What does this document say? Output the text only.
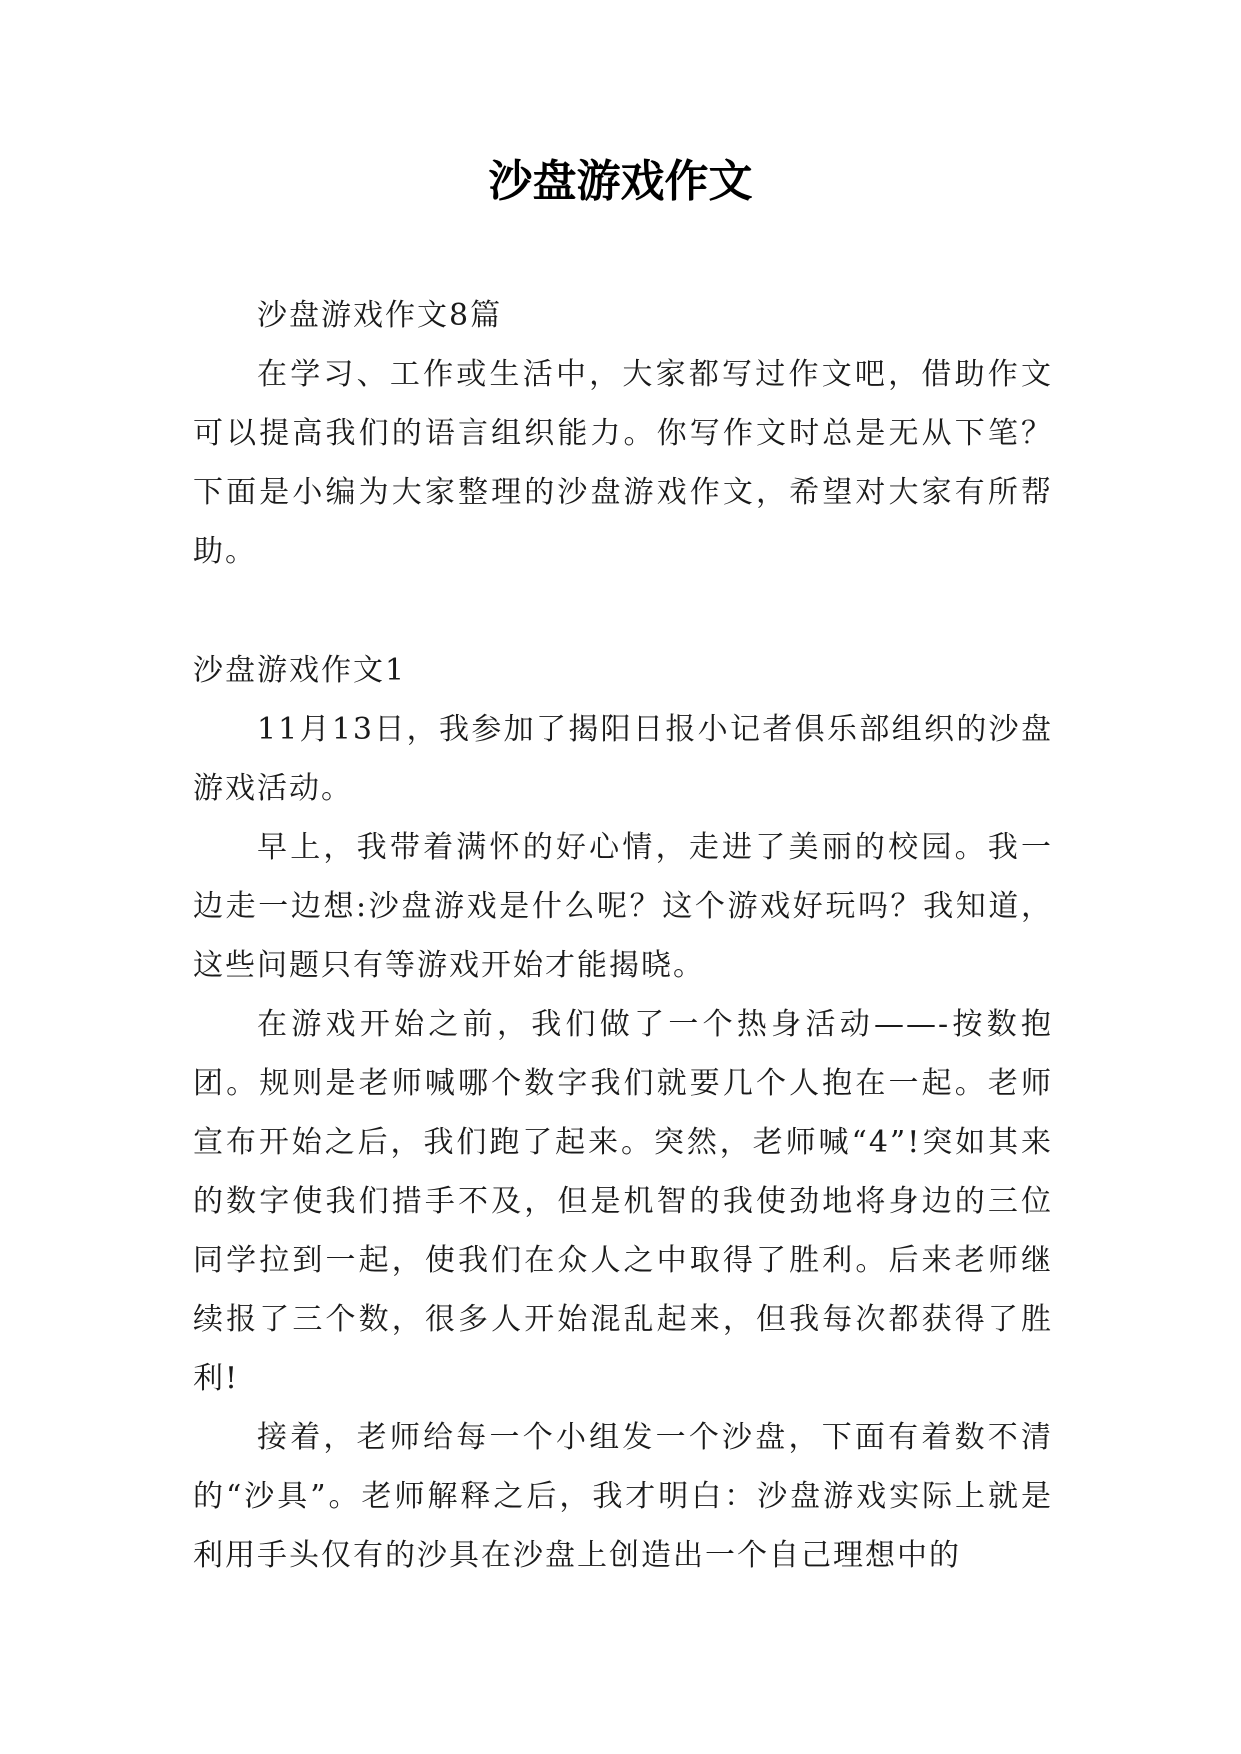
沙盘游戏作文

沙盘游戏作文8篇

在学习、工作或生活中，大家都写过作文吧，借助作文可以提高我们的语言组织能力。你写作文时总是无从下笔？下面是小编为大家整理的沙盘游戏作文，希望对大家有所帮助。

沙盘游戏作文1

11月13日，我参加了揭阳日报小记者俱乐部组织的沙盘游戏活动。

早上，我带着满怀的好心情，走进了美丽的校园。我一边走一边想:沙盘游戏是什么呢？这个游戏好玩吗？我知道，这些问题只有等游戏开始才能揭晓。

在游戏开始之前，我们做了一个热身活动——-按数抱团。规则是老师喊哪个数字我们就要几个人抱在一起。老师宣布开始之后，我们跑了起来。突然，老师喊“4”!突如其来的数字使我们措手不及，但是机智的我使劲地将身边的三位同学拉到一起，使我们在众人之中取得了胜利。后来老师继续报了三个数，很多人开始混乱起来，但我每次都获得了胜利!

接着，老师给每一个小组发一个沙盘，下面有着数不清的“沙具”。老师解释之后，我才明白：沙盘游戏实际上就是利用手头仅有的沙具在沙盘上创造出一个自己理想中的
